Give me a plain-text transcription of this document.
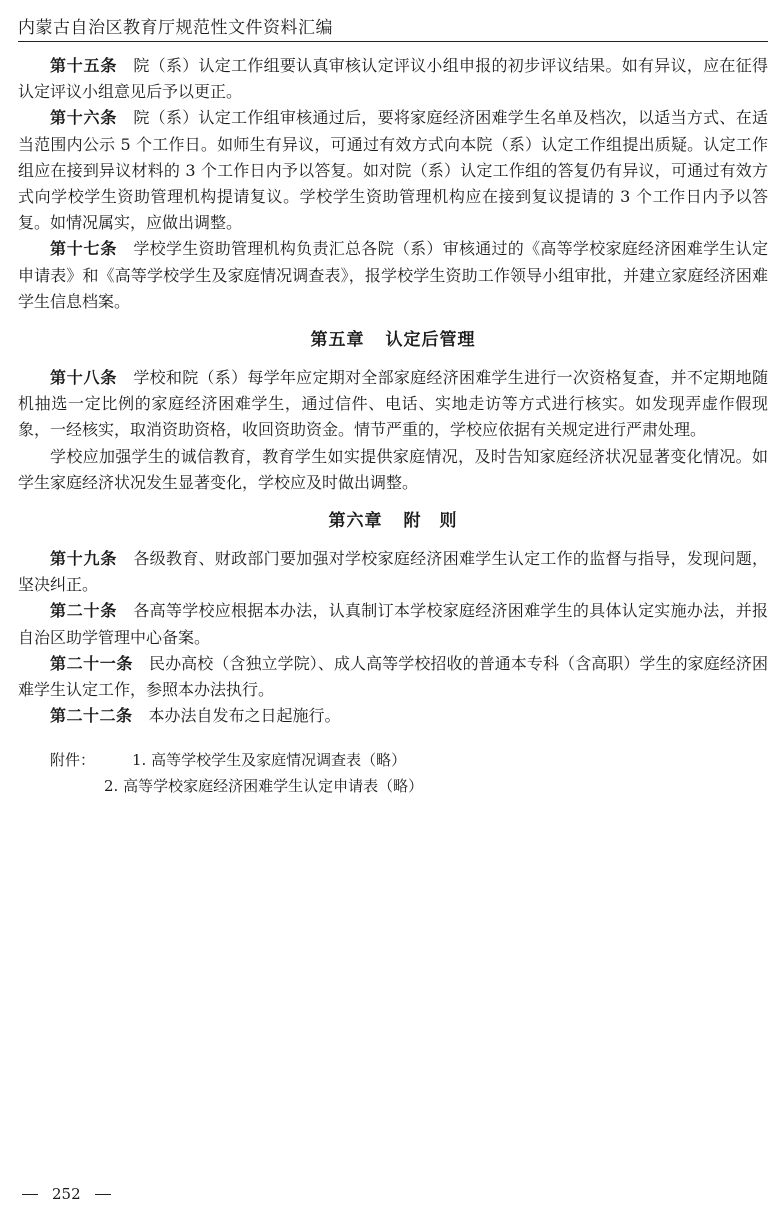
内蒙古自治区教育厅规范性文件资料汇编

第十五条　 院（系）认定工作组要认真审核认定评议小组申报的初步评议结果。如有异议，应在征得认定评议小组意见后予以更正。

第十六条　 院（系）认定工作组审核通过后，要将家庭经济困难学生名单及档次，以适当方式、在适当范围内公示 5 个工作日。如师生有异议，可通过有效方式向本院（系）认定工作组提出质疑。认定工作组应在接到异议材料的 3 个工作日内予以答复。如对院（系）认定工作组的答复仍有异议，可通过有效方式向学校学生资助管理机构提请复议。学校学生资助管理机构应在接到复议提请的 3 个工作日内予以答复。如情况属实，应做出调整。

第十七条　 学校学生资助管理机构负责汇总各院（系）审核通过的《高等学校家庭经济困难学生认定申请表》和《高等学校学生及家庭情况调查表》，报学校学生资助工作领导小组审批，并建立家庭经济困难学生信息档案。

第五章 认定后管理

第十八条　 学校和院（系）每学年应定期对全部家庭经济困难学生进行一次资格复查，并不定期地随机抽选一定比例的家庭经济困难学生，通过信件、电话、实地走访等方式进行核实。如发现弄虚作假现象，一经核实，取消资助资格，收回资助资金。情节严重的，学校应依据有关规定进行严肃处理。

学校应加强学生的诚信教育，教育学生如实提供家庭情况，及时告知家庭经济状况显著变化情况。如学生家庭经济状况发生显著变化，学校应及时做出调整。

第六章 附　则

第十九条　 各级教育、财政部门要加强对学校家庭经济困难学生认定工作的监督与指导，发现问题，坚决纠正。

第二十条　 各高等学校应根据本办法，认真制订本学校家庭经济困难学生的具体认定实施办法，并报自治区助学管理中心备案。

第二十一条　 民办高校（含独立学院）、成人高等学校招收的普通本专科（含高职）学生的家庭经济困难学生认定工作，参照本办法执行。

第二十二条　 本办法自发布之日起施行。

附件：	1. 高等学校学生及家庭情况调查表（略）
2. 高等学校家庭经济困难学生认定申请表（略）
252
